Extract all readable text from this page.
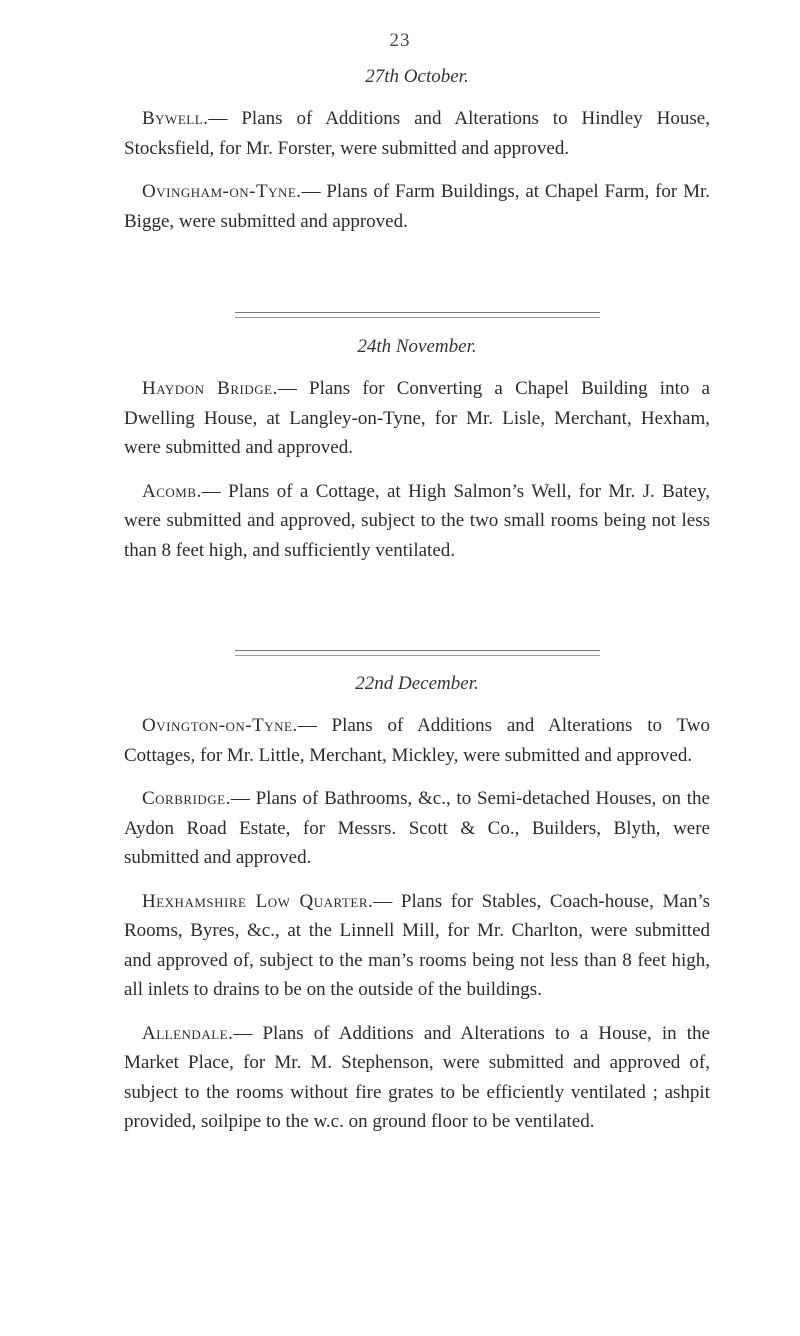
23
27th October.

Bywell.— Plans of Additions and Alterations to Hindley House, Stocksfield, for Mr. Forster, were submitted and approved.

Ovingham-on-Tyne.— Plans of Farm Buildings, at Chapel Farm, for Mr. Bigge, were submitted and approved.

24th November.

Haydon Bridge.— Plans for Converting a Chapel Building into a Dwelling House, at Langley-on-Tyne, for Mr. Lisle, Merchant, Hexham, were submitted and approved.

Acomb.— Plans of a Cottage, at High Salmon’s Well, for Mr. J. Batey, were submitted and approved, subject to the two small rooms being not less than 8 feet high, and sufficiently ventilated.

22nd December.

Ovington-on-Tyne.— Plans of Additions and Alterations to Two Cottages, for Mr. Little, Merchant, Mickley, were submitted and approved.

Corbridge.— Plans of Bathrooms, &c., to Semi-detached Houses, on the Aydon Road Estate, for Messrs. Scott & Co., Builders, Blyth, were submitted and approved.

Hexhamshire Low Quarter.— Plans for Stables, Coach-house, Man’s Rooms, Byres, &c., at the Linnell Mill, for Mr. Charlton, were submitted and approved of, subject to the man’s rooms being not less than 8 feet high, all inlets to drains to be on the outside of the buildings.

Allendale.— Plans of Additions and Alterations to a House, in the Market Place, for Mr. M. Stephenson, were submitted and approved of, subject to the rooms without fire grates to be efficiently ventilated ; ashpit provided, soilpipe to the w.c. on ground floor to be ventilated.
